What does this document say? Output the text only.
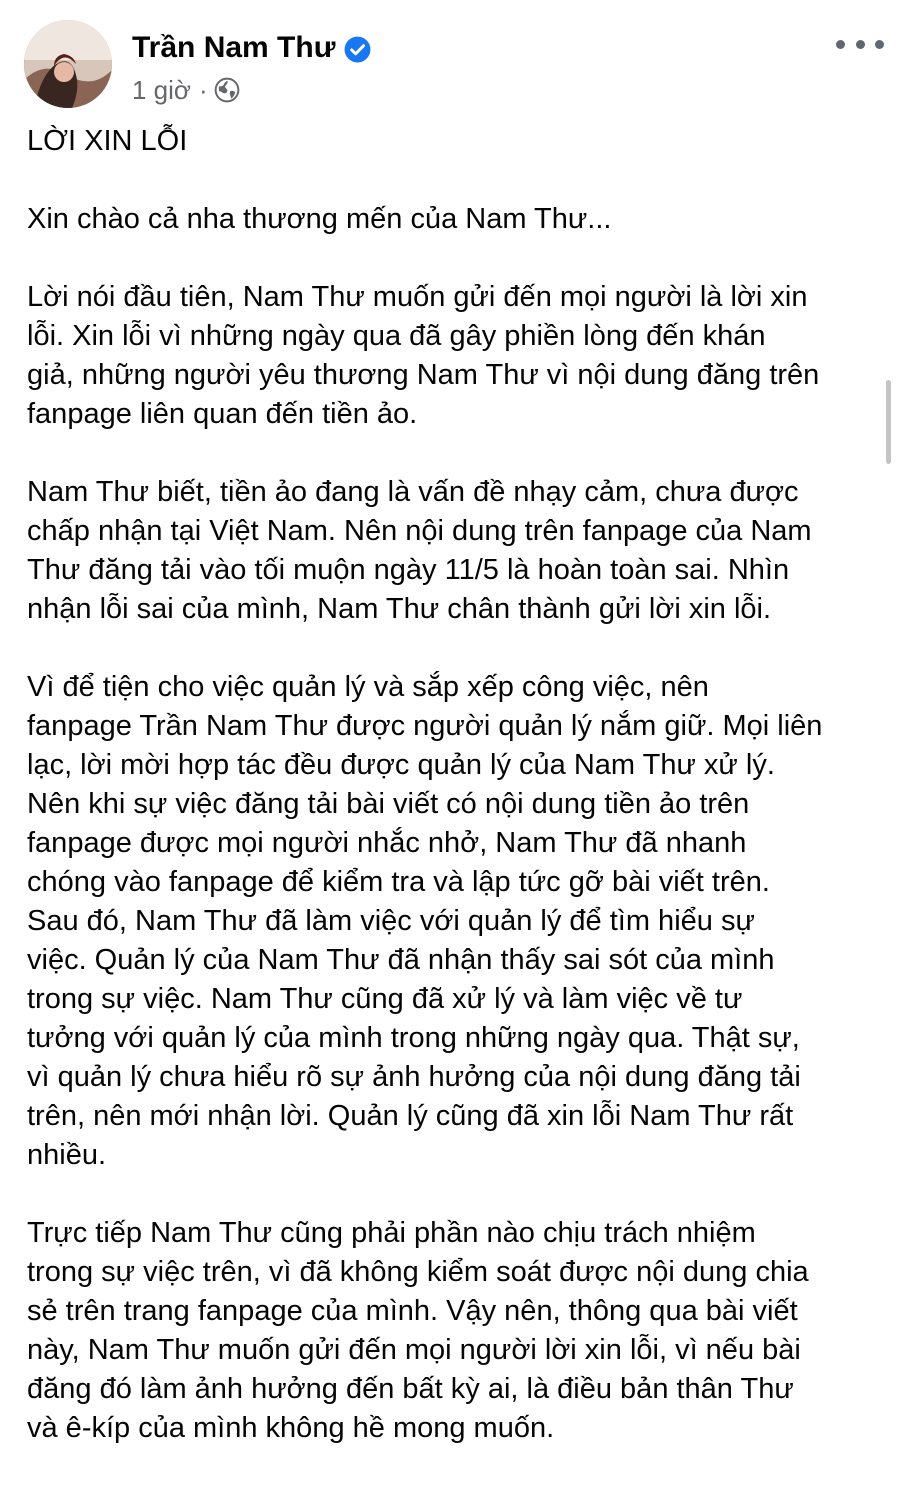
Trần Nam Thư
1 giờ ·

LỜI XIN LỖI

Xin chào cả nha thương mến của Nam Thư...

Lời nói đầu tiên, Nam Thư muốn gửi đến mọi người là lời xin
lỗi. Xin lỗi vì những ngày qua đã gây phiền lòng đến khán
giả, những người yêu thương Nam Thư vì nội dung đăng trên
fanpage liên quan đến tiền ảo.

Nam Thư biết, tiền ảo đang là vấn đề nhạy cảm, chưa được
chấp nhận tại Việt Nam. Nên nội dung trên fanpage của Nam
Thư đăng tải vào tối muộn ngày 11/5 là hoàn toàn sai. Nhìn
nhận lỗi sai của mình, Nam Thư chân thành gửi lời xin lỗi.

Vì để tiện cho việc quản lý và sắp xếp công việc, nên
fanpage Trần Nam Thư được người quản lý nắm giữ. Mọi liên
lạc, lời mời hợp tác đều được quản lý của Nam Thư xử lý.
Nên khi sự việc đăng tải bài viết có nội dung tiền ảo trên
fanpage được mọi người nhắc nhở, Nam Thư đã nhanh
chóng vào fanpage để kiểm tra và lập tức gỡ bài viết trên.
Sau đó, Nam Thư đã làm việc với quản lý để tìm hiểu sự
việc. Quản lý của Nam Thư đã nhận thấy sai sót của mình
trong sự việc. Nam Thư cũng đã xử lý và làm việc về tư
tưởng với quản lý của mình trong những ngày qua. Thật sự,
vì quản lý chưa hiểu rõ sự ảnh hưởng của nội dung đăng tải
trên, nên mới nhận lời. Quản lý cũng đã xin lỗi Nam Thư rất
nhiều.

Trực tiếp Nam Thư cũng phải phần nào chịu trách nhiệm
trong sự việc trên, vì đã không kiểm soát được nội dung chia
sẻ trên trang fanpage của mình. Vậy nên, thông qua bài viết
này, Nam Thư muốn gửi đến mọi người lời xin lỗi, vì nếu bài
đăng đó làm ảnh hưởng đến bất kỳ ai, là điều bản thân Thư
và ê-kíp của mình không hề mong muốn.
